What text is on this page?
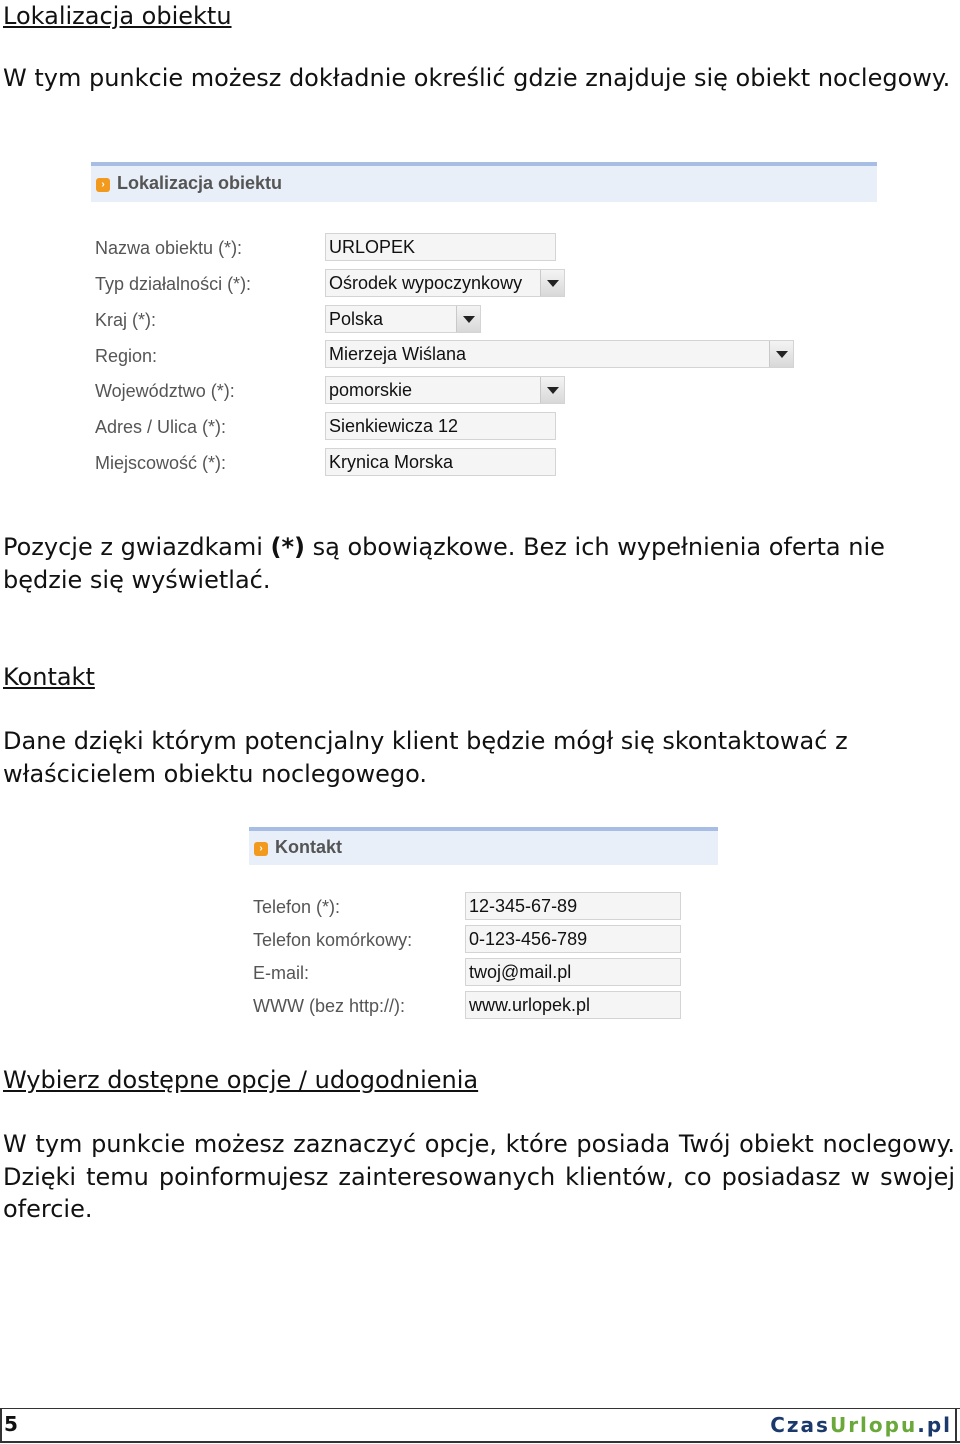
Lokalizacja obiektu

W tym punkcie możesz dokładnie określić gdzie znajduje się obiekt noclegowy.

› Lokalizacja obiektu
Nazwa obiektu (*):	URLOPEK
Typ działalności (*):	Ośrodek wypoczynkowy
Kraj (*):	Polska
Region:	Mierzeja Wiślana
Województwo (*):	pomorskie
Adres / Ulica (*):	Sienkiewicza 12
Miejscowość (*):	Krynica Morska

Pozycje z gwiazdkami (*) są obowiązkowe. Bez ich wypełnienia oferta nie będzie się wyświetlać.

Kontakt

Dane dzięki którym potencjalny klient będzie mógł się skontaktować z właścicielem obiektu noclegowego.

› Kontakt
Telefon (*):	12-345-67-89
Telefon komórkowy:	0-123-456-789
E-mail:	twoj@mail.pl
WWW (bez http://):	www.urlopek.pl
Wybierz dostępne opcje / udogodnienia

W tym punkcie możesz zaznaczyć opcje, które posiada Twój obiekt noclegowy. Dzięki temu poinformujesz zainteresowanych klientów, co posiadasz w swojej ofercie.

5	CzasUrlopu.pl
